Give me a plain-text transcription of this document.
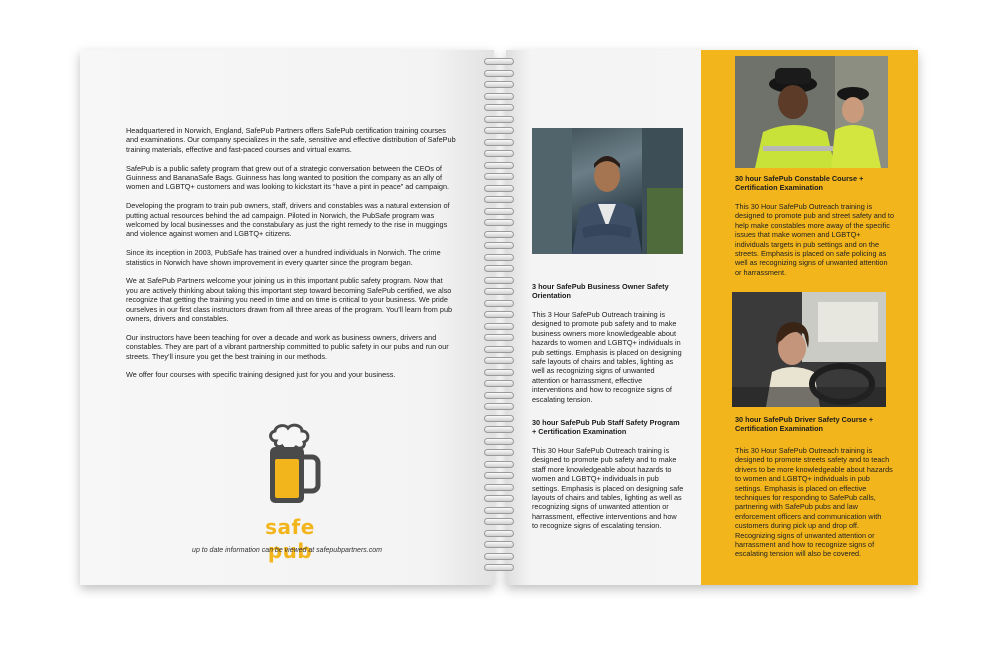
Headquartered in Norwich, England, SafePub Partners offers SafePub certification training courses and examinations. Our company specializes in the safe, sensitive and effective distribution of SafePub training materials, effective and fast-paced courses and virtual exams.

SafePub is a public safety program that grew out of a strategic conversation between the CEOs of Guinness and BananaSafe Bags. Guinness has long wanted to position the company as an ally of women and LGBTQ+ customers and was looking to kickstart its “have a pint in peace” ad campaign.

Developing the program to train pub owners, staff, drivers and constables was a natural extension of putting actual resources behind the ad campaign. Piloted in Norwich, the PubSafe program was welcomed by local businesses and the constabulary as just the right remedy to the rise in muggings and violence against women and LGBTQ+ citizens.

Since its inception in 2003, PubSafe has trained over a hundred individuals in Norwich. The crime statistics in Norwich have shown improvement in every quarter since the program began.

We at SafePub Partners welcome your joining us in this important public safety program. Now that you are actively thinking about taking this important step toward becoming SafePub certified, we also recognize that getting the training you need in time and on time is critical to your business. We pride ourselves in our first class instructors drawn from all three areas of the program. You’ll learn from pub owners, drivers and constables.

Our instructors have been teaching for over a decade and work as business owners, drivers and constables. They are part of a vibrant partnership committed to public safety in our pubs and run our streets. They’ll insure you get the best training in our methods.

We offer four courses with specific training designed just for you and your business.

safe pub
up to date information can be viewed at safepubpartners.com
3 hour SafePub Business Owner Safety Orientation
This 3 Hour SafePub Outreach training is designed to promote pub safety and to make business owners more knowledgeable about hazards to women and LGBTQ+ individuals in pub settings. Emphasis is placed on designing safe layouts of chairs and tables, lighting as well as recognizing signs of unwanted attention or harrassment, effective interventions and how to recognize signs of escalating tension.
30 hour SafePub Pub Staff Safety Program + Certification Examination
This 30 Hour SafePub Outreach training is designed to promote pub safety and to make staff more knowledgeable about hazards to women and LGBTQ+ individuals in pub settings. Emphasis is placed on designing safe layouts of chairs and tables, lighting as well as recognizing signs of unwanted attention or harrassment, effective interventions and how to recognize signs of escalating tension.
30 hour SafePub Constable Course + Certification Examination
This 30 Hour SafePub Outreach training is designed to promote pub and street safety and to help make constables more away of the specific issues that make women and LGBTQ+ individuals targets in pub settings and on the streets. Emphasis is placed on safe policing as well as recognizing signs of unwanted attention or harrassment.
30 hour SafePub Driver Safety Course + Certification Examination
This 30 Hour SafePub Outreach training is designed to promote streets safety and to teach drivers to be more knowledgeable about hazards to women and LGBTQ+ individuals in pub settings. Emphasis is placed on effective techniques for responding to SafePub calls, partnering with SafePub pubs and law enforcement officers and communication with customers during pick up and drop off. Recognizing signs of unwanted attention or harrassment and how to recognize signs of escalating tension will also be covered.
